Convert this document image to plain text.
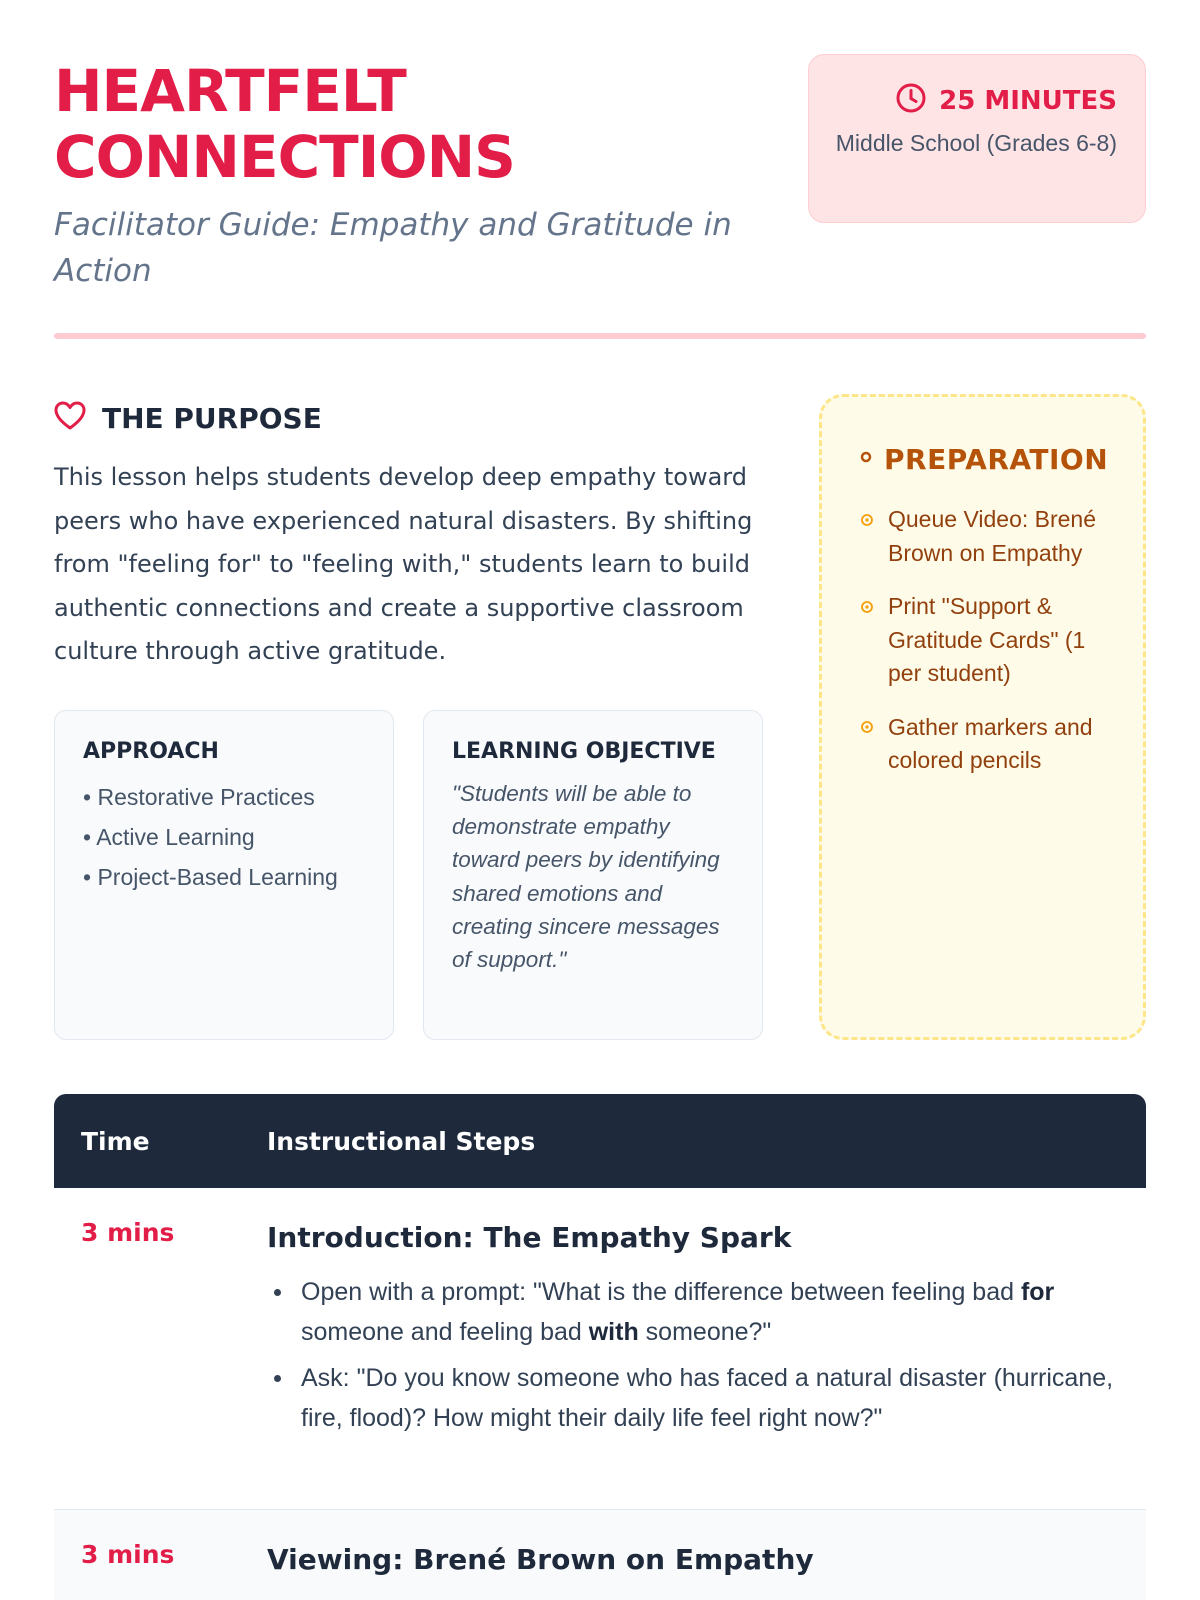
HEARTFELT
CONNECTIONS
Facilitator Guide: Empathy and Gratitude in Action
25 MINUTES
Middle School (Grades 6-8)
THE PURPOSE

This lesson helps students develop deep empathy toward peers who have experienced natural disasters. By shifting from "feeling for" to "feeling with," students learn to build authentic connections and create a supportive classroom culture through active gratitude.

APPROACH
• Restorative Practices
• Active Learning
• Project-Based Learning
LEARNING OBJECTIVE

"Students will be able to demonstrate empathy toward peers by identifying shared emotions and creating sincere messages of support."

PREPARATION
Queue Video: Brené Brown on Empathy
Print "Support & Gratitude Cards" (1 per student)
Gather markers and colored pencils
Time	Instructional Steps
3 mins	Introduction: The Empathy Spark
Open with a prompt: "What is the difference between feeling bad for someone and feeling bad with someone?"
Ask: "Do you know someone who has faced a natural disaster (hurricane, fire, flood)? How might their daily life feel right now?"
3 mins	Viewing: Brené Brown on Empathy
